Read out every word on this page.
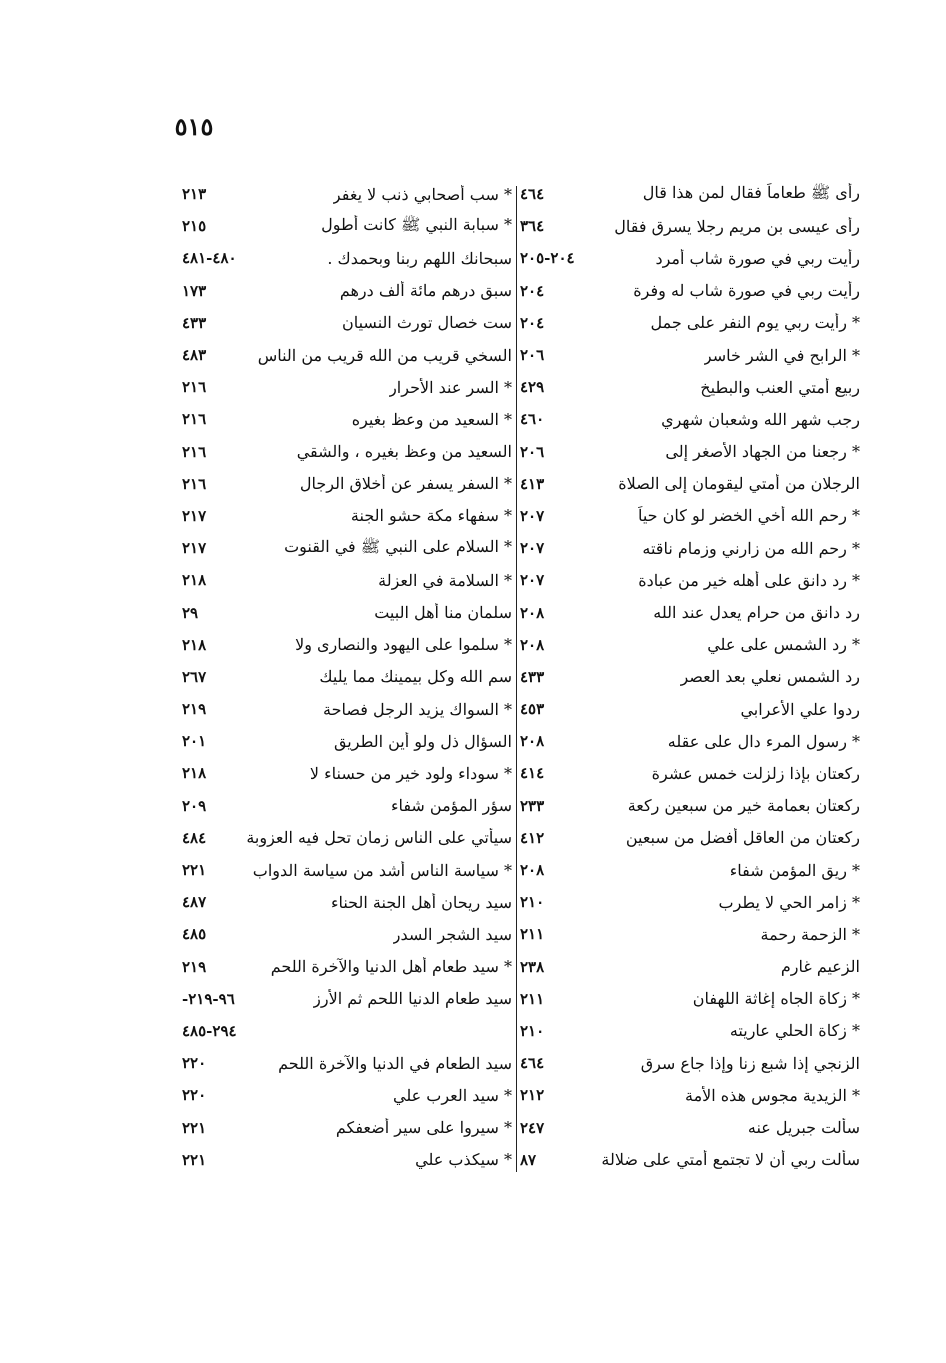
٥١٥
رأى ﷺ طعاماً فقال لمن هذا قال
٤٦٤
رأى عيسى بن مريم رجلا يسرق فقال
٣٦٤
رأيت ربي في صورة شاب أمرد
٢٠٤-٢٠٥
رأيت ربي في صورة شاب له وفرة
٢٠٤
* رأيت ربي يوم النفر على جمل
٢٠٤
* الرابح في الشر خاسر
٢٠٦
ربيع أمتي العنب والبطيخ
٤٢٩
رجب شهر الله وشعبان شهري
٤٦٠
* رجعنا من الجهاد الأصغر إلى
٢٠٦
الرجلان من أمتي ليقومان إلى الصلاة
٤١٣
* رحم الله أخي الخضر لو كان حياً
٢٠٧
* رحم الله من زارني وزمام ناقته
٢٠٧
* رد دانق على أهله خير من عبادة
٢٠٧
رد دانق من حرام يعدل عند الله
٢٠٨
* رد الشمس على علي
٢٠٨
رد الشمس نعلي بعد العصر
٤٣٣
ردوا علي الأعرابي
٤٥٣
* رسول المرء دال على عقله
٢٠٨
ركعتان بإذا زلزلت خمس عشرة
٤١٤
ركعتان بعمامة خير من سبعين ركعة
٢٣٣
ركعتان من العاقل أفضل من سبعين
٤١٢
* ريق المؤمن شفاء
٢٠٨
* زامر الحي لا يطرب
٢١٠
* الزحمة رحمة
٢١١
الزعيم غارم
٢٣٨
* زكاة الجاه إغاثة اللهفان
٢١١
* زكاة الحلي عاريته
٢١٠
الزنجي إذا شبع زنا وإذا جاع سرق
٤٦٤
* الزيدية مجوس هذه الأمة
٢١٢
سألت جبريل عنه
٢٤٧
سألت ربي أن لا تجتمع أمتي على ضلالة
٨٧
* سب أصحابي ذنب لا يغفر
٢١٣
* سبابة النبي ﷺ كانت أطول
٢١٥
سبحانك اللهم ربنا وبحمدك .
٤٨٠-٤٨١
سبق درهم مائة ألف درهم
١٧٣
ست خصال تورث النسيان
٤٣٣
السخي قريب من الله قريب من الناس
٤٨٣
* السر عند الأحرار
٢١٦
* السعيد من وعظ بغيره
٢١٦
السعيد من وعظ بغيره ، والشقي
٢١٦
* السفر يسفر عن أخلاق الرجال
٢١٦
* سفهاء مكة حشو الجنة
٢١٧
* السلام على النبي ﷺ في القنوت
٢١٧
* السلامة في العزلة
٢١٨
سلمان منا أهل البيت
٢٩
* سلموا على اليهود والنصارى ولا
٢١٨
سم الله وكل بيمينك مما يليك
٢٦٧
* السواك يزيد الرجل فصاحة
٢١٩
السؤال ذل ولو أين الطريق
٢٠١
* سوداء ولود خير من حسناء لا
٢١٨
سؤر المؤمن شفاء
٢٠٩
سيأتي على الناس زمان تحل فيه العزوبة
٤٨٤
* سياسة الناس أشد من سياسة الدواب
٢٢١
سيد ريحان أهل الجنة الحناء
٤٨٧
سيد الشجر السدر
٤٨٥
* سيد طعام أهل الدنيا والآخرة اللحم
٢١٩
سيد طعام الدنيا اللحم ثم الأرز
٩٦-٢١٩-
٢٩٤-٤٨٥
سيد الطعام في الدنيا والآخرة اللحم
٢٢٠
* سيد العرب علي
٢٢٠
* سيروا على سير أضعفكم
٢٢١
* سيكذب علي
٢٢١
